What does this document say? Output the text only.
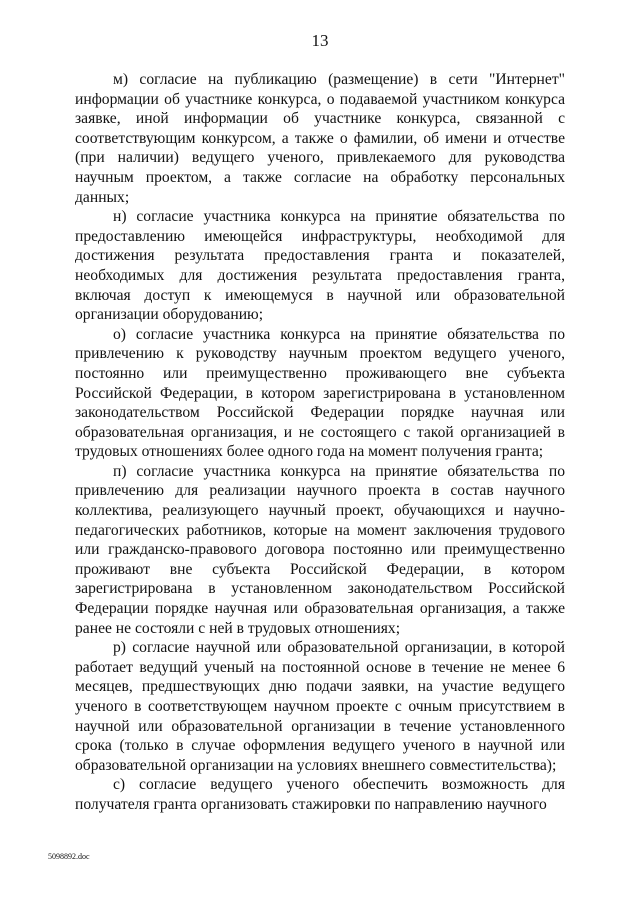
13

м) согласие на публикацию (размещение) в сети "Интернет" информации об участнике конкурса, о подаваемой участником конкурса заявке, иной информации об участнике конкурса, связанной с соответствующим конкурсом, а также о фамилии, об имени и отчестве (при наличии) ведущего ученого, привлекаемого для руководства научным проектом, а также согласие на обработку персональных данных;

н) согласие участника конкурса на принятие обязательства по предоставлению имеющейся инфраструктуры, необходимой для достижения результата предоставления гранта и показателей, необходимых для достижения результата предоставления гранта, включая доступ к имеющемуся в научной или образовательной организации оборудованию;

о) согласие участника конкурса на принятие обязательства по привлечению к руководству научным проектом ведущего ученого, постоянно или преимущественно проживающего вне субъекта Российской Федерации, в котором зарегистрирована в установленном законодательством Российской Федерации порядке научная или образовательная организация, и не состоящего с такой организацией в трудовых отношениях более одного года на момент получения гранта;

п) согласие участника конкурса на принятие обязательства по привлечению для реализации научного проекта в состав научного коллектива, реализующего научный проект, обучающихся и научно-педагогических работников, которые на момент заключения трудового или гражданско-правового договора постоянно или преимущественно проживают вне субъекта Российской Федерации, в котором зарегистрирована в установленном законодательством Российской Федерации порядке научная или образовательная организация, а также ранее не состояли с ней в трудовых отношениях;

р) согласие научной или образовательной организации, в которой работает ведущий ученый на постоянной основе в течение не менее 6 месяцев, предшествующих дню подачи заявки, на участие ведущего ученого в соответствующем научном проекте с очным присутствием в научной или образовательной организации в течение установленного срока (только в случае оформления ведущего ученого в научной или образовательной организации на условиях внешнего совместительства);

с) согласие ведущего ученого обеспечить возможность для получателя гранта организовать стажировки по направлению научного

5098892.doc
